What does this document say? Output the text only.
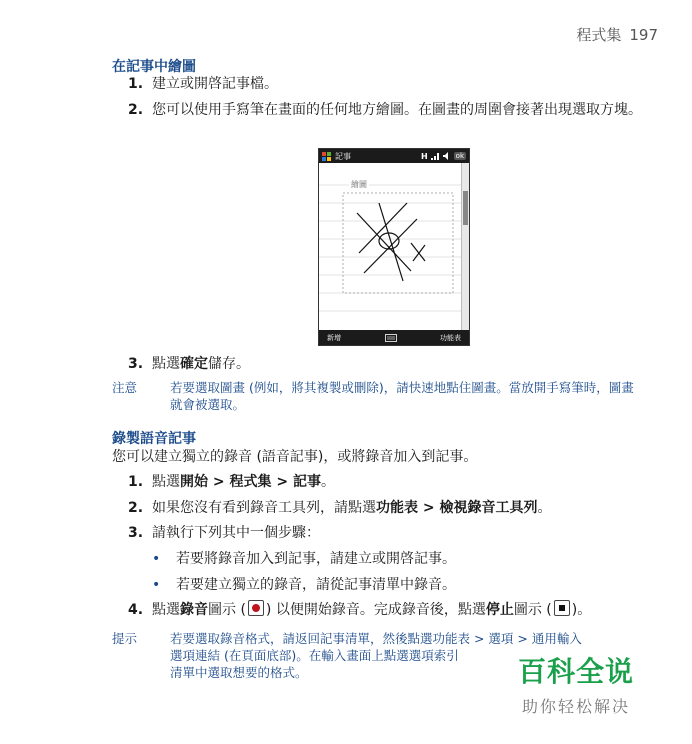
程式集 197
在記事中繪圖
1. 建立或開啓記事檔。
2. 您可以使用手寫筆在畫面的任何地方繪圖。在圖畫的周圍會接著出現選取方塊。
記事	H	ok
繪圖
新增	功能表
3. 點選確定儲存。
注意	若要選取圖畫 (例如，將其複製或刪除)，請快速地點住圖畫。當放開手寫筆時，圖畫就會被選取。
錄製語音記事
您可以建立獨立的錄音 (語音記事)，或將錄音加入到記事。
1. 點選開始 > 程式集 > 記事。
2. 如果您沒有看到錄音工具列，請點選功能表 > 檢視錄音工具列。
3. 請執行下列其中一個步驟：
• 若要將錄音加入到記事，請建立或開啓記事。
• 若要建立獨立的錄音，請從記事清單中錄音。
4. 點選錄音圖示 ( ) 以便開始錄音。完成錄音後，點選停止圖示 ( )。
提示	若要選取錄音格式，請返回記事清單，然後點選功能表 > 選項 > 通用輸入
選項連結 (在頁面底部)。在輸入畫面上點選選項索引
清單中選取想要的格式。	百科全说
助你轻松解决
